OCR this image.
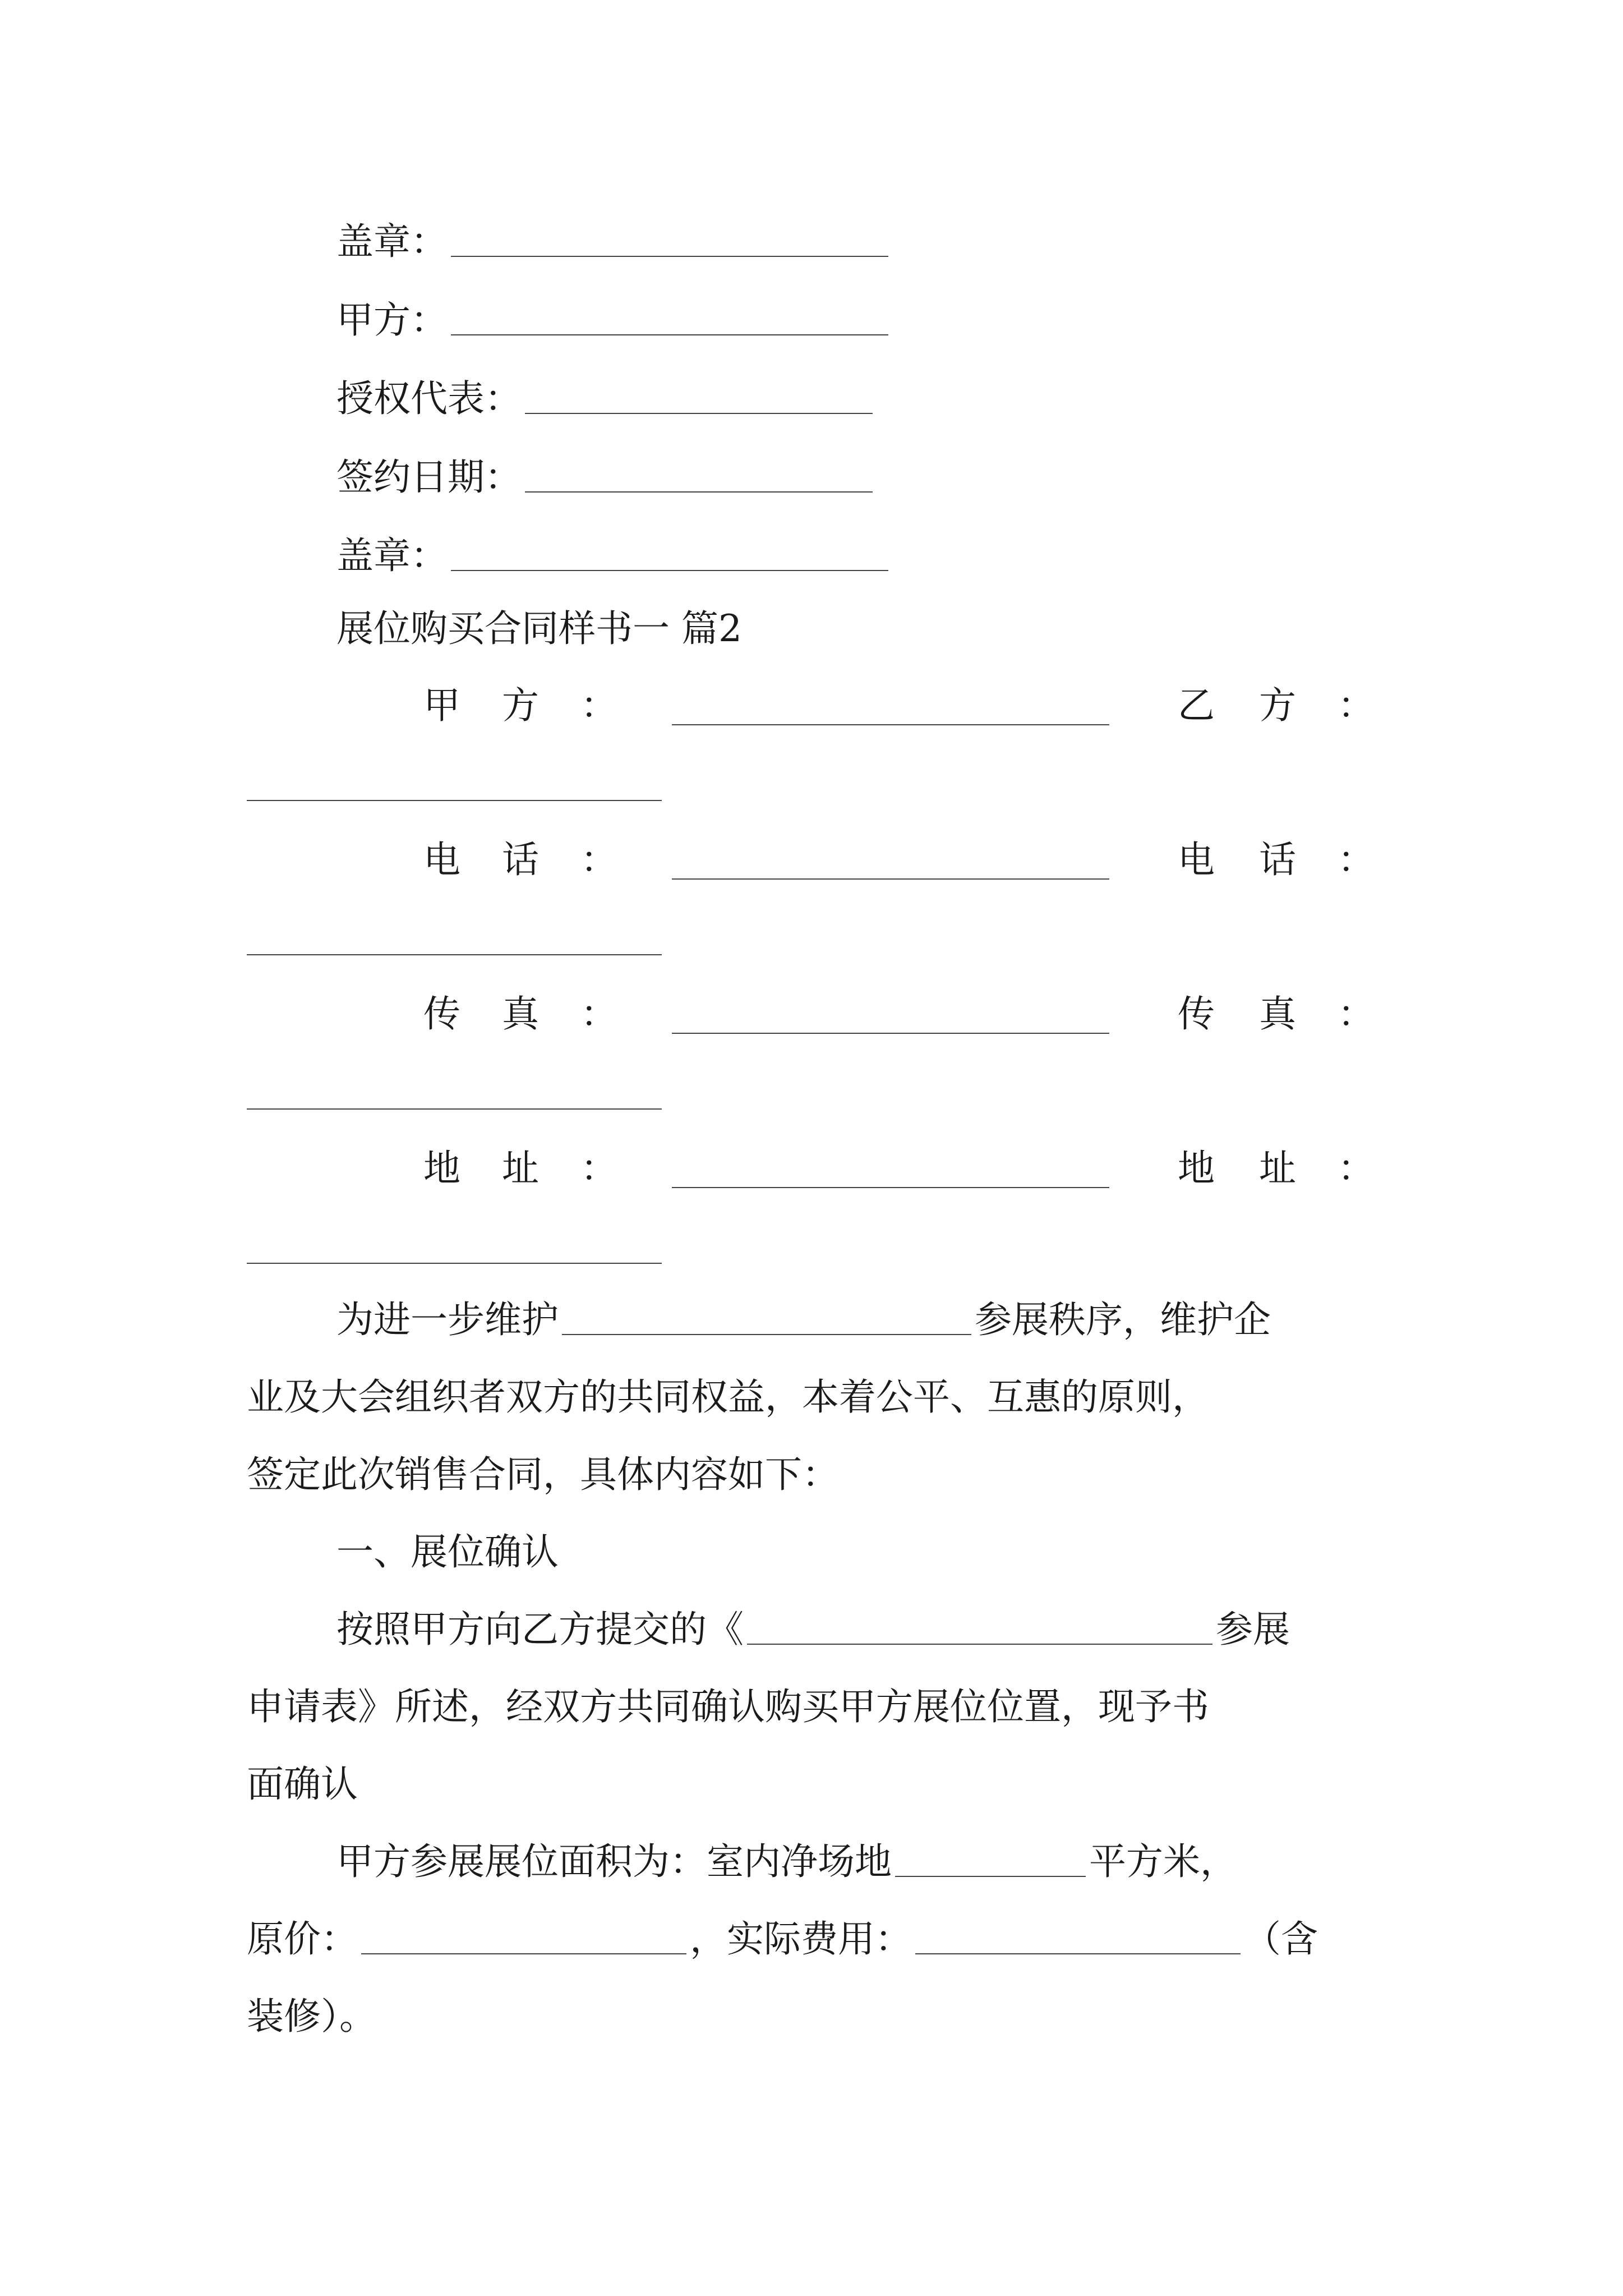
盖章：
甲方：
授权代表：
签约日期：
盖章：
展位购买合同样书一 篇2
甲 方 ：	乙 方 ：
电 话 ：	电 话 ：
传 真 ：	传 真 ：
地 址 ：	地 址 ：
为进一步维护	参展秩序，维护企
业及大会组织者双方的共同权益，本着公平、互惠的原则，
签定此次销售合同，具体内容如下：
一、展位确认
按照甲方向乙方提交的《	参展
申请表》所述，经双方共同确认购买甲方展位位置，现予书
面确认
甲方参展展位面积为：室内净场地	平方米，
原价：	，实际费用：	（含
装修）。
